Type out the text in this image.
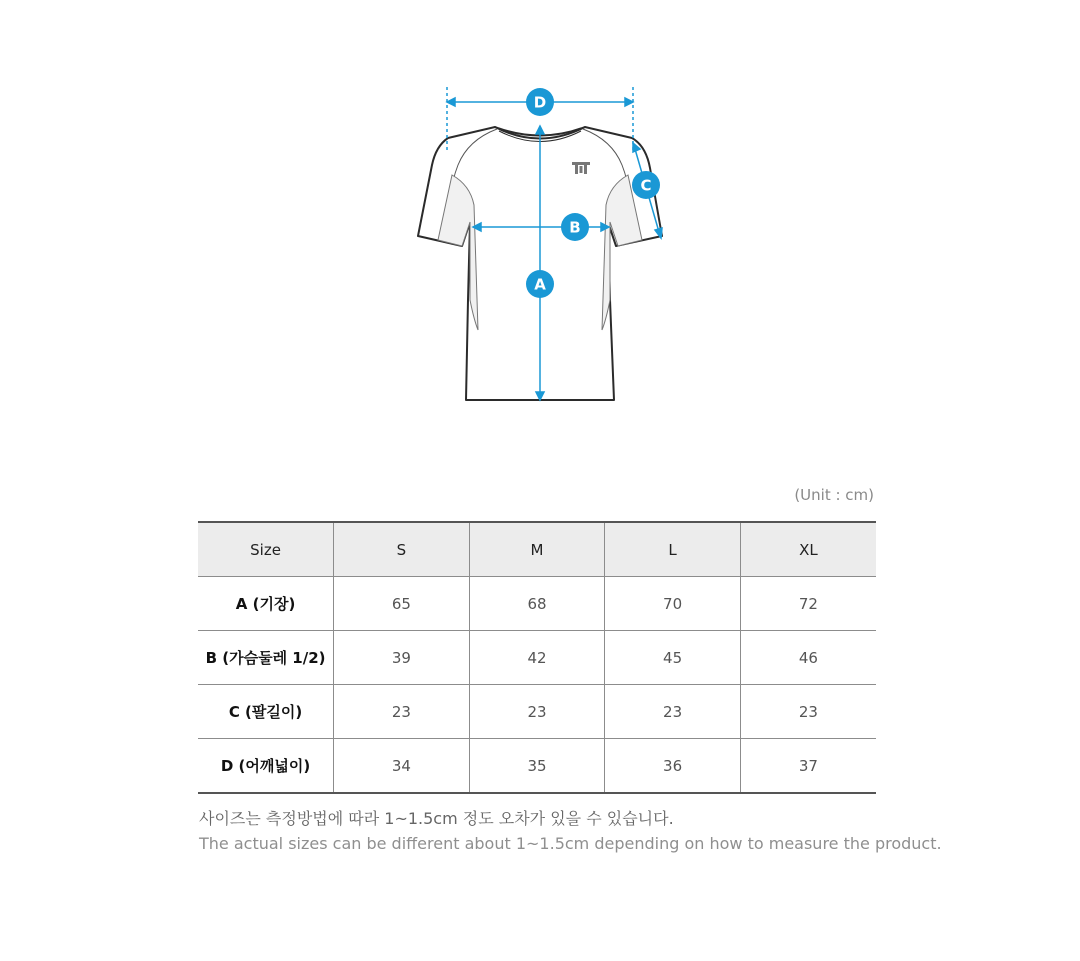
D
B
A
C
(Unit : cm)
Size	S	M	L	XL
A (기장)	65	68	70	72
B (가슴둘레 1/2)	39	42	45	46
C (팔길이)	23	23	23	23
D (어깨넓이)	34	35	36	37
사이즈는 측정방법에 따라 1~1.5cm 정도 오차가 있을 수 있습니다.
The actual sizes can be different about 1~1.5cm depending on how to measure the product.
